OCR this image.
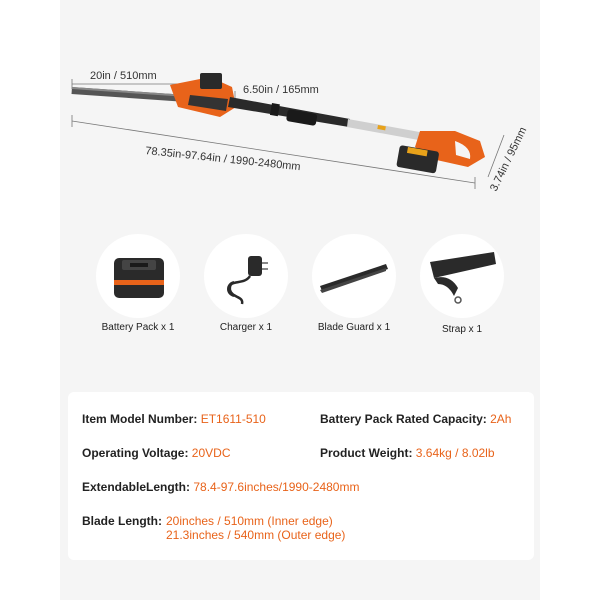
20in / 510mm
6.50in / 165mm
78.35in-97.64in / 1990-2480mm	3.74in / 95mm
Battery Pack x 1	Charger x 1	Blade Guard x 1	Strap x 1
Item Model Number: ET1611-510	Battery Pack Rated Capacity: 2Ah
Operating Voltage: 20VDC	Product Weight: 3.64kg / 8.02lb
ExtendableLength: 78.4-97.6inches/1990-2480mm
Blade Length: 20inches / 510mm (Inner edge)
21.3inches / 540mm (Outer edge)
